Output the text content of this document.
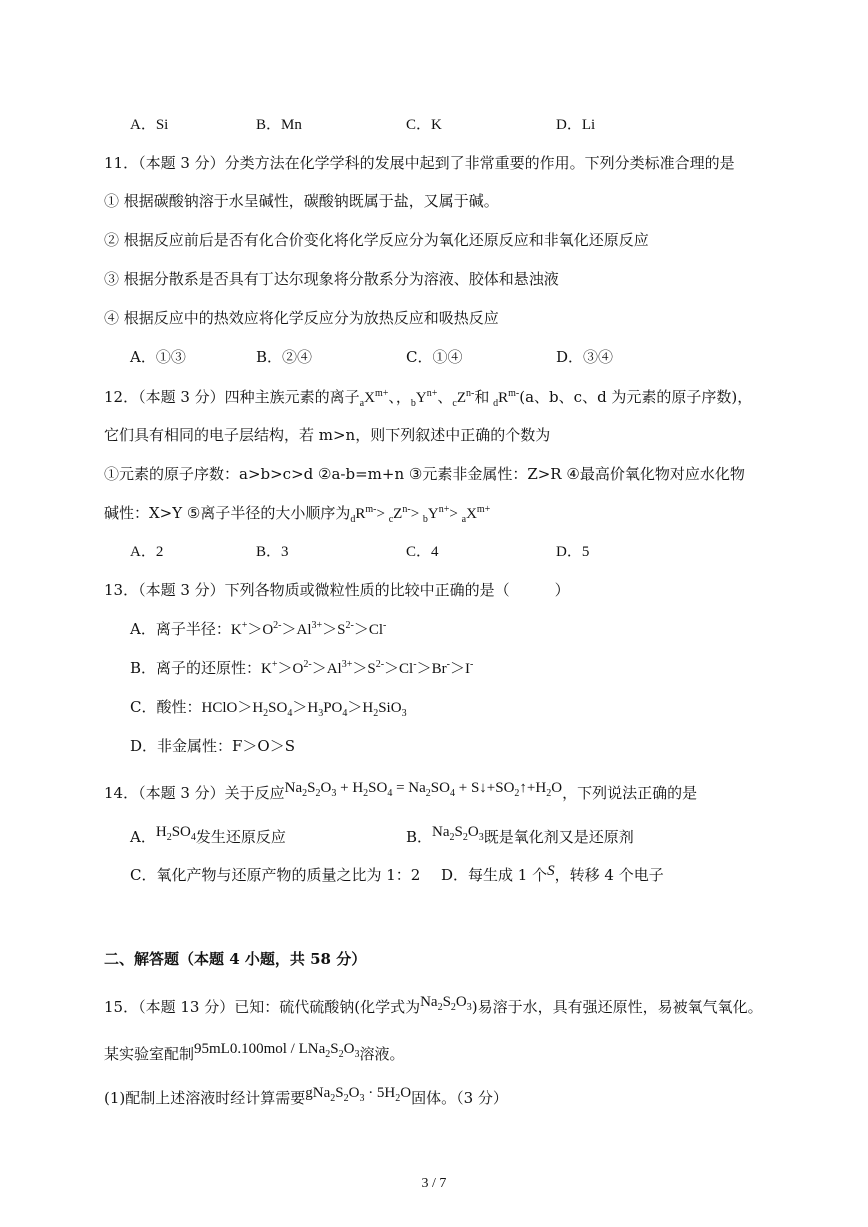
A．Si	B．Mn	C．K	D．Li
11．（本题 3 分）分类方法在化学学科的发展中起到了非常重要的作用。下列分类标准合理的是
① 根据碳酸钠溶于水呈碱性，碳酸钠既属于盐，又属于碱。
② 根据反应前后是否有化合价变化将化学反应分为氧化还原反应和非氧化还原反应
③ 根据分散系是否具有丁达尔现象将分散系分为溶液、胶体和悬浊液
④ 根据反应中的热效应将化学反应分为放热反应和吸热反应
A．①③	B．②④	C．①④	D．③④
12．（本题 3 分）四种主族元素的离子$_aX^{m+}$、，$_bY^{n+}$、$_cZ^{n-}$和 $_dR^{m-}(a$、b、c、d 为元素的原子序数)，
它们具有相同的电子层结构，若 m>n，则下列叙述中正确的个数为
①元素的原子序数：a>b>c>d ②a-b=m+n ③元素非金属性：Z>R ④最高价氧化物对应水化物
碱性：X>Y ⑤离子半径的大小顺序为$_dR^{m-}> _cZ^{n-}> _bY^{n+}> _aX^{m+}$
A．2	B．3	C．4	D．5
13．（本题 3 分）下列各物质或微粒性质的比较中正确的是（　　　）
A．离子半径：$K^+>O^{2-}>Al^{3+}>S^{2-}>Cl^-$
B．离子的还原性：$K^+>O^{2-}>Al^{3+}>S^{2-}>Cl^->Br^->I^-$
C．酸性：$HClO>H_2SO_4>H_3PO_4>H_2SiO_3$
D．非金属性：F＞O＞S
14．（本题 3 分）关于反应$Na_2S_2O_3 + H_2SO_4 = Na_2SO_4$ + $S↓+SO_2↑+H_2O$，下列说法正确的是
A．$H_2SO_4$发生还原反应	B．$Na_2S_2O_3$既是氧化剂又是还原剂
C．氧化产物与还原产物的质量之比为 1：2 D．每生成 1 个S，转移 4 个电子
二、解答题（本题 4 小题，共 58 分）
15．（本题 13 分）已知：硫代硫酸钠(化学式为$Na_2S_2O_3$)易溶于水，具有强还原性，易被氧气氧化。
某实验室配制$95mL0.100mol / LNa_2S_2O_3$溶液。
(1)配制上述溶液时经计算需要$gNa_2S_2O_3 \cdot 5H_2O$固体。（3 分）
3 / 7
